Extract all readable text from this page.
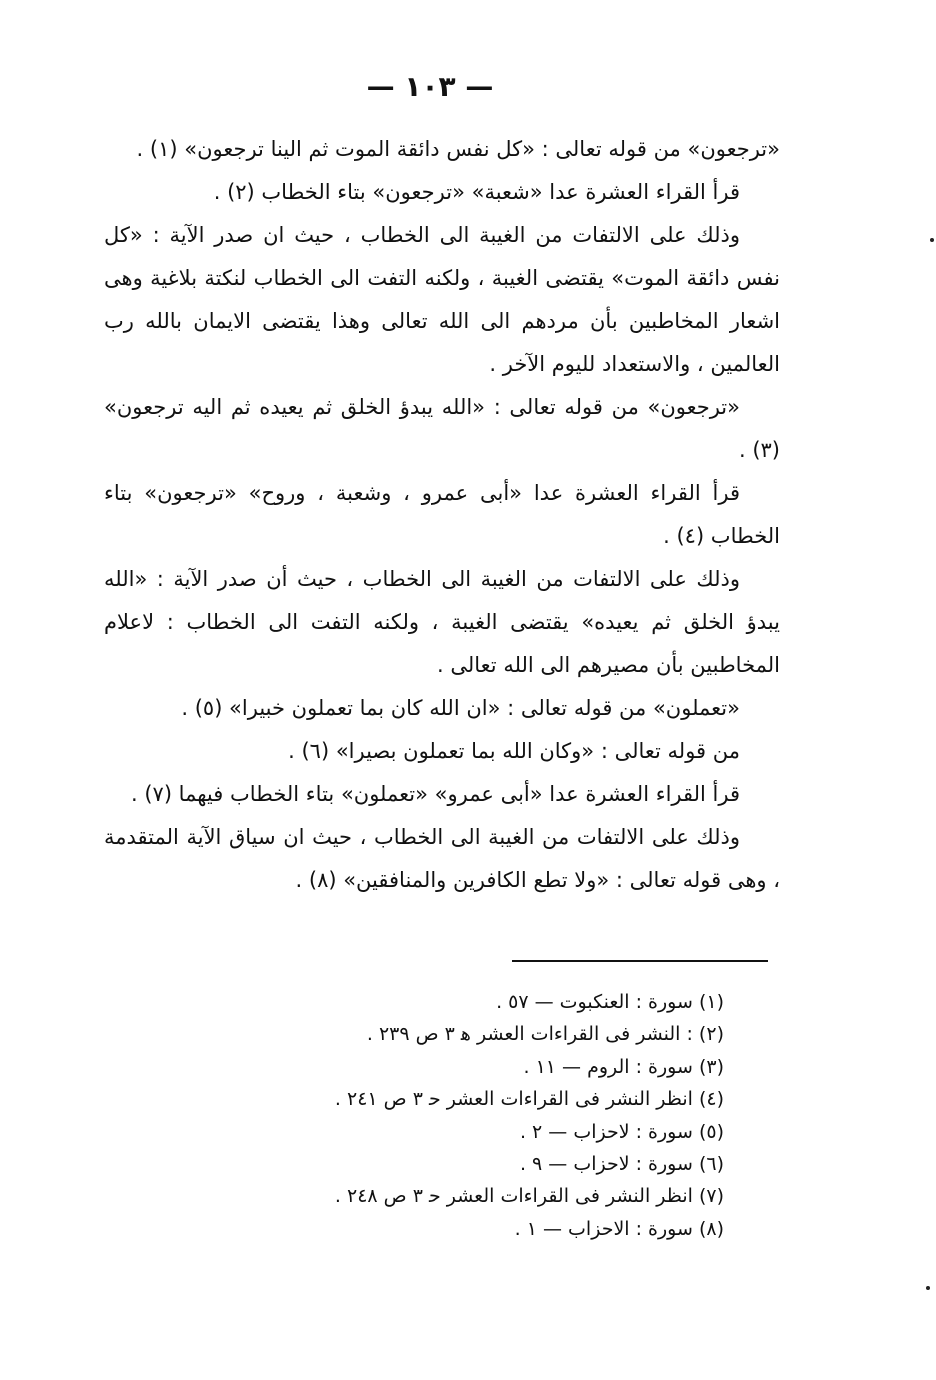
— ١٠٣ —

«ترجعون» من قوله تعالى : «كل نفس دائقة الموت ثم الينا ترجعون» (١) .

قرأ القراء العشرة عدا «شعبة» «ترجعون» بتاء الخطاب (٢) .

وذلك على الالتفات من الغيبة الى الخطاب ، حيث ان صدر الآية : «كل نفس دائقة الموت» يقتضى الغيبة ، ولكنه التفت الى الخطاب لنكتة بلاغية وهى اشعار المخاطبين بأن مردهم الى الله تعالى وهذا يقتضى الايمان بالله رب العالمين ، والاستعداد لليوم الآخر .

«ترجعون» من قوله تعالى : «الله يبدؤ الخلق ثم يعيده ثم اليه ترجعون» (٣) .

قرأ القراء العشرة عدا «أبى عمرو ، وشعبة ، وروح» «ترجعون» بتاء الخطاب (٤) .

وذلك على الالتفات من الغيبة الى الخطاب ، حيث أن صدر الآية : «الله يبدؤ الخلق ثم يعيده» يقتضى الغيبة ، ولكنه التفت الى الخطاب : لاعلام المخاطبين بأن مصيرهم الى الله تعالى .

«تعملون» من قوله تعالى : «ان الله كان بما تعملون خبيرا» (٥) .

من قوله تعالى : «وكان الله بما تعملون بصيرا» (٦) .

قرأ القراء العشرة عدا «أبى عمرو» «تعملون» بتاء الخطاب فيهما (٧) .

وذلك على الالتفات من الغيبة الى الخطاب ، حيث ان سياق الآية المتقدمة ، وهى قوله تعالى : «ولا تطع الكافرين والمنافقين» (٨) .

(١) سورة : العنكبوت — ٥٧ .
(٢) : النشر فى القراءات العشر ﻫ ٣ ص ٢٣٩ .
(٣) سورة : الروم — ١١ .
(٤) انظر النشر فى القراءات العشر ﺣ ٣ ص ٢٤١ .
(٥) سورة : لاحزاب — ٢ .
(٦) سورة : لاحزاب — ٩ .
(٧) انظر النشر فى القراءات العشر ﺣ ٣ ص ٢٤٨ .
(٨) سورة : الاحزاب — ١ .
